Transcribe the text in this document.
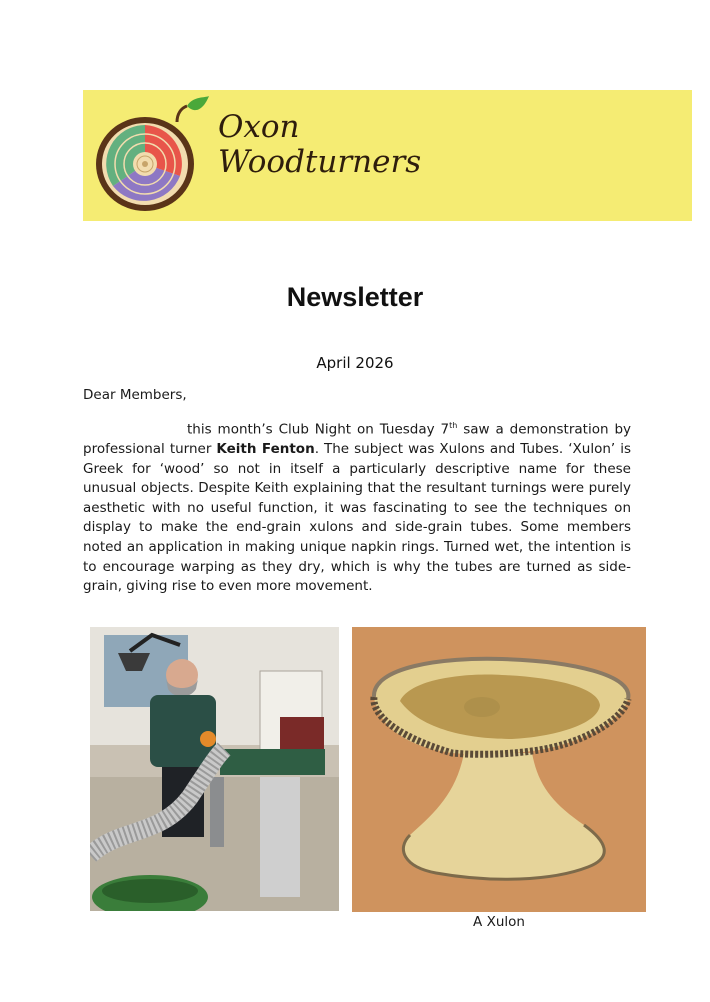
Oxon
Woodturners
Newsletter
April 2026
Dear Members,

this month’s Club Night on Tuesday 7th saw a demonstration by professional turner Keith Fenton. The subject was Xulons and Tubes. ‘Xulon’ is Greek for ‘wood’ so not in itself a particularly descriptive name for these unusual objects. Despite Keith explaining that the resultant turnings were purely aesthetic with no useful function, it was fascinating to see the techniques on display to make the end-grain xulons and side-grain tubes. Some members noted an application in making unique napkin rings. Turned wet, the intention is to encourage warping as they dry, which is why the tubes are turned as side-grain, giving rise to even more movement.

A Xulon
